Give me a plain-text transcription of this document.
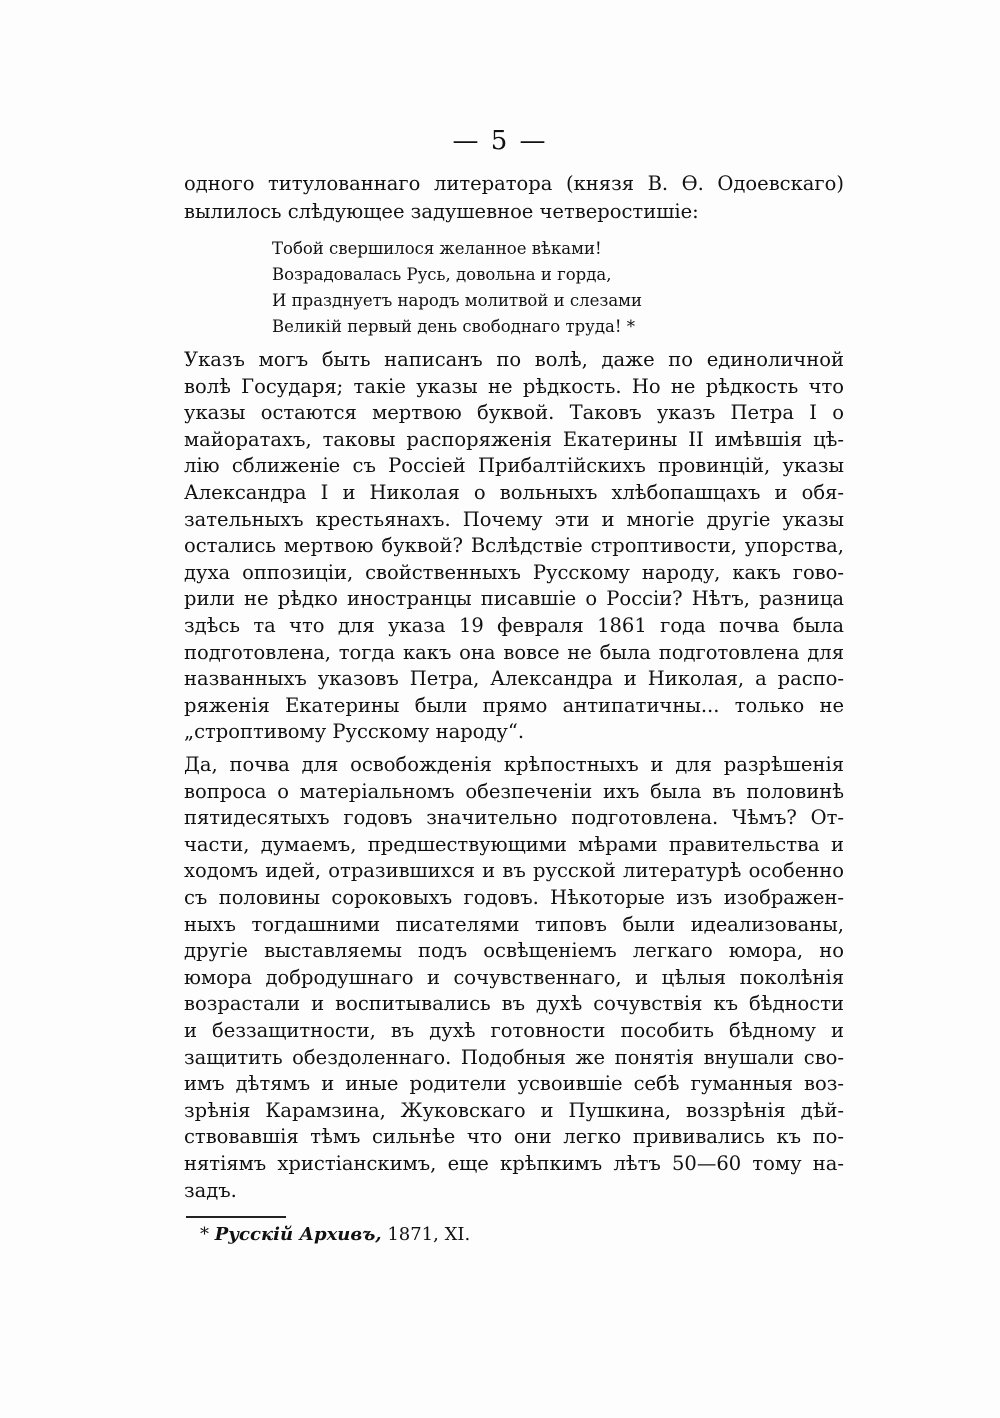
— 5 —
одного титулованнаго литератора (князя В. Ѳ. Одоевскаго)
вылилось слѣдующее задушевное четверостишіе:
Тобой свершилося желанное вѣками!
Возрадовалась Русь, довольна и горда,
И празднуетъ народъ молитвой и слезами
Великій первый день свободнаго труда! *
Указъ могъ быть написанъ по волѣ, даже по единоличной
волѣ Государя; такіе указы не рѣдкость. Но не рѣдкость что
указы остаются мертвою буквой. Таковъ указъ Петра I о
майоратахъ, таковы распоряженія Екатерины II имѣвшія цѣ-
лію сближеніе съ Россіей Прибалтійскихъ провинцій, указы
Александра I и Николая о вольныхъ хлѣбопашцахъ и обя-
зательныхъ крестьянахъ. Почему эти и многіе другіе указы
остались мертвою буквой? Вслѣдствіе строптивости, упорства,
духа оппозиціи, свойственныхъ Русскому народу, какъ гово-
рили не рѣдко иностранцы писавшіе о Россіи? Нѣтъ, разница
здѣсь та что для указа 19 февраля 1861 года почва была
подготовлена, тогда какъ она вовсе не была подготовлена для
названныхъ указовъ Петра, Александра и Николая, а распо-
ряженія Екатерины были прямо антипатичны... только не
„строптивому Русскому народу“.
Да, почва для освобожденія крѣпостныхъ и для разрѣшенія
вопроса о матеріальномъ обезпеченіи ихъ была въ половинѣ
пятидесятыхъ годовъ значительно подготовлена. Чѣмъ? От-
части, думаемъ, предшествующими мѣрами правительства и
ходомъ идей, отразившихся и въ русской литературѣ особенно
съ половины сороковыхъ годовъ. Нѣкоторые изъ изображен-
ныхъ тогдашними писателями типовъ были идеализованы,
другіе выставляемы подъ освѣщеніемъ легкаго юмора, но
юмора добродушнаго и сочувственнаго, и цѣлыя поколѣнія
возрастали и воспитывались въ духѣ сочувствія къ бѣдности
и беззащитности, въ духѣ готовности пособить бѣдному и
защитить обездоленнаго. Подобныя же понятія внушали сво-
имъ дѣтямъ и иные родители усвоившіе себѣ гуманныя воз-
зрѣнія Карамзина, Жуковскаго и Пушкина, воззрѣнія дѣй-
ствовавшія тѣмъ сильнѣе что они легко прививались къ по-
нятіямъ христіанскимъ, еще крѣпкимъ лѣтъ 50—60 тому на-
задъ.
* Русскій Архивъ, 1871, XI.
